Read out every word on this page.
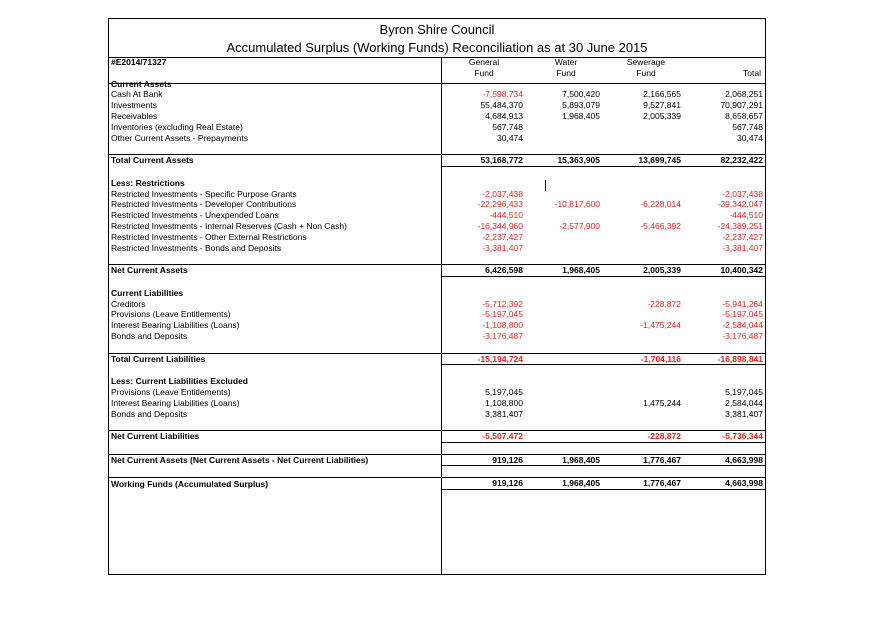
Byron Shire Council
Accumulated Surplus (Working Funds) Reconciliation as at 30 June 2015
#E2014/71327	General	Water	Sewerage	
	Fund	Fund	Fund	Total
Current Assets				
Cash At Bank	-7,598,734	7,500,420	2,166,565	2,068,251
Investments	55,484,370	5,893,079	9,527,841	70,907,291
Receivables	4,684,913	1,968,405	2,005,339	8,658,657
Inventories (excluding Real Estate)	567,748			567,748
Other Current Assets - Prepayments	30,474			30,474

Total Current Assets	53,168,772	15,363,905	13,699,745	82,232,422

Less: Restrictions				
Restricted Investments - Specific Purpose Grants	-2,037,438			-2,037,438
Restricted Investments - Developer Contributions	-22,296,433	-10,817,600	-6,228,014	-39,342,047
Restricted Investments - Unexpended Loans	-444,510			-444,510
Restricted Investments - Internal Reserves (Cash + Non Cash)	-16,344,960	-2,577,900	-5,466,392	-24,389,251
Restricted Investments - Other External Restrictions	-2,237,427			-2,237,427
Restricted Investments - Bonds and Deposits	-3,381,407			-3,381,407

Net Current Assets	6,426,598	1,968,405	2,005,339	10,400,342

Current Liabilities				
Creditors	-5,712,392		-228,872	-5,941,264
Provisions (Leave Entitlements)	-5,197,045			-5,197,045
Interest Bearing Liabilities (Loans)	-1,108,800		-1,475,244	-2,584,044
Bonds and Deposits	-3,176,487			-3,176,487

Total Current Liabilities	-15,194,724		-1,704,116	-16,898,841

Less: Current Liabilities Excluded				
Provisions (Leave Entitlements)	5,197,045			5,197,045
Interest Bearing Liabilities (Loans)	1,108,800		1,475,244	2,584,044
Bonds and Deposits	3,381,407			3,381,407

Net Current Liabilities	-5,507,472		-228,872	-5,736,344

Net Current Assets (Net Current Assets - Net Current Liabilities)	919,126	1,968,405	1,776,467	4,663,998

Working Funds (Accumulated Surplus)	919,126	1,968,405	1,776,467	4,663,998
